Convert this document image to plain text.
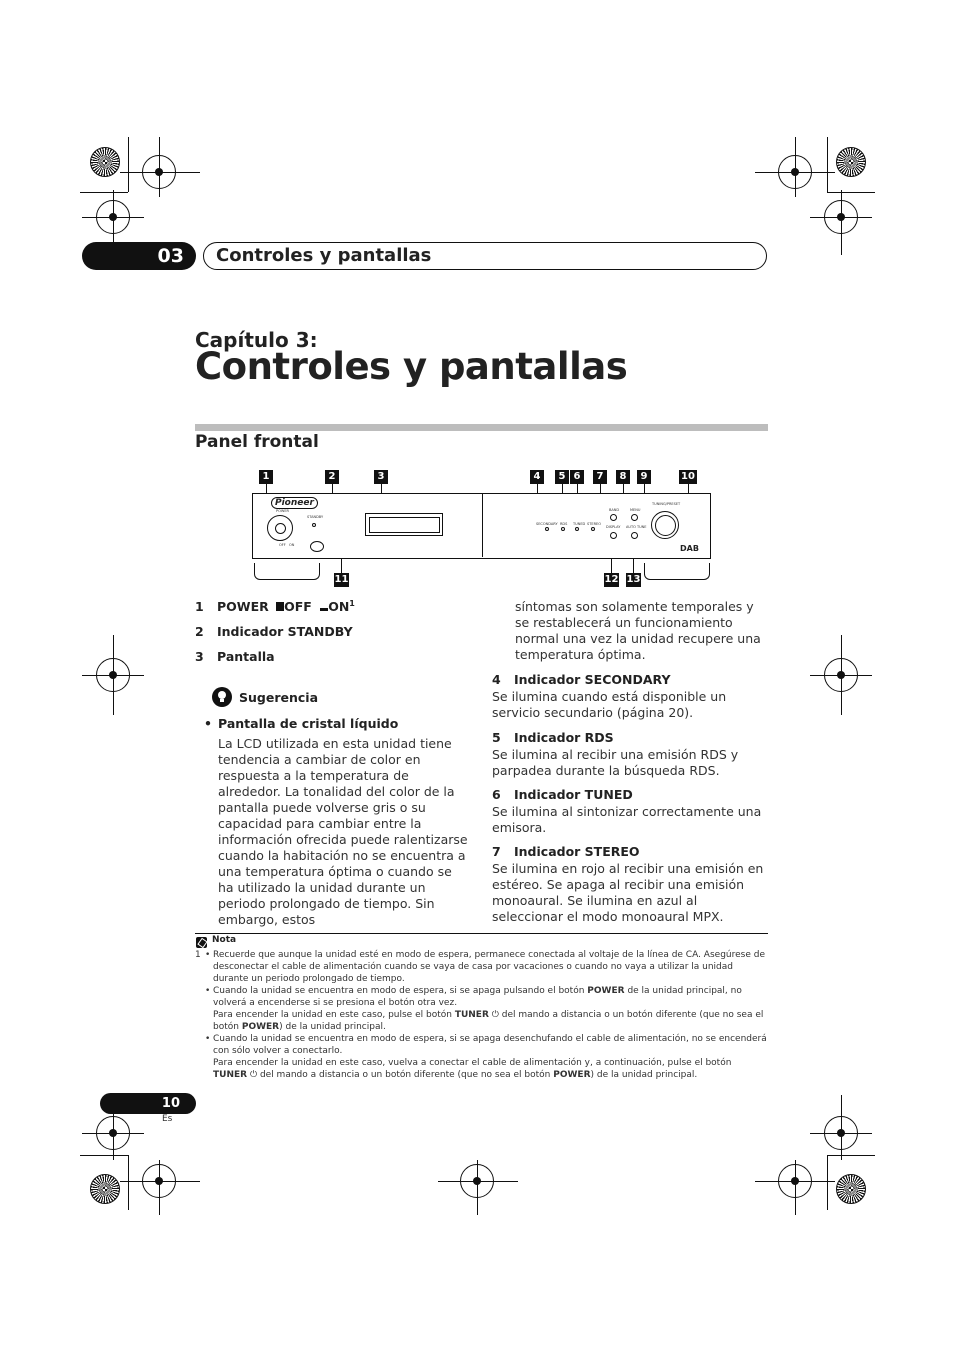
03	Controles y pantallas
Capítulo 3:
Controles y pantallas
Panel frontal
1	2	3	4	5 6	7	8	9	10
11	12 13
Pioneer
POWER
OFF ON
STANDBY
SECONDARY RDS TUNED STEREO
BAND	MENU
DISPLAY AUTO TUNE
TUNING/PRESET
DAB
1 POWER OFF $ON^1$
2 Indicador STANDBY
3 Pantalla
Sugerencia
• Pantalla de cristal líquido
La LCD utilizada en esta unidad tiene tendencia a cambiar de color en respuesta a la temperatura de alrededor. La tonalidad del color de la pantalla puede volverse gris o su capacidad para cambiar entre la información ofrecida puede ralentizarse cuando la habitación no se encuentra a una temperatura óptima o cuando se ha utilizado la unidad durante un periodo prolongado de tiempo. Sin embargo, estos
síntomas son solamente temporales y se restablecerá un funcionamiento normal una vez la unidad recupere una temperatura óptima.
4 Indicador SECONDARY
Se ilumina cuando está disponible un servicio secundario (página 20).
5 Indicador RDS
Se ilumina al recibir una emisión RDS y parpadea durante la búsqueda RDS.
6 Indicador TUNED
Se ilumina al sintonizar correctamente una emisora.
7 Indicador STEREO
Se ilumina en rojo al recibir una emisión en estéreo. Se apaga al recibir una emisión monoaural. Se ilumina en azul al seleccionar el modo monoaural MPX.
Nota
1 • Recuerde que aunque la unidad esté en modo de espera, permanece conectada al voltaje de la línea de CA. Asegúrese de desconectar el cable de alimentación cuando se vaya de casa por vacaciones o cuando no vaya a utilizar la unidad durante un periodo prolongado de tiempo.
• Cuando la unidad se encuentra en modo de espera, si se apaga pulsando el botón POWER de la unidad principal, no volverá a encenderse si se presiona el botón otra vez.
Para encender la unidad en este caso, pulse el botón TUNER ⏻ del mando a distancia o un botón diferente (que no sea el botón POWER) de la unidad principal.
• Cuando la unidad se encuentra en modo de espera, si se apaga desenchufando el cable de alimentación, no se encenderá con sólo volver a conectarlo.
Para encender la unidad en este caso, vuelva a conectar el cable de alimentación y, a continuación, pulse el botón
TUNER ⏻ del mando a distancia o un botón diferente (que no sea el botón POWER) de la unidad principal.
10
Es
